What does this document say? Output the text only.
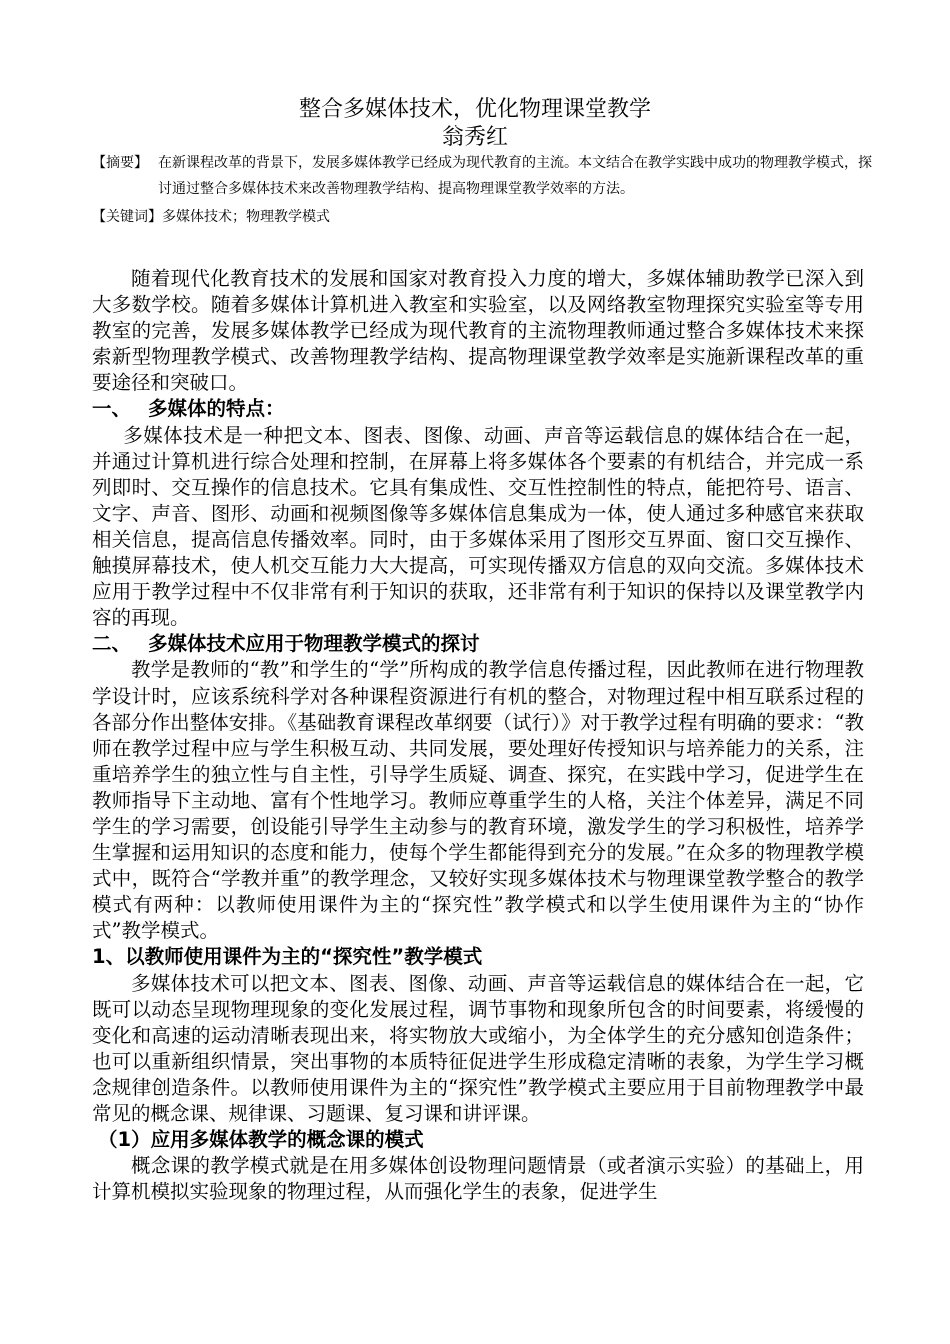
整合多媒体技术，优化物理课堂教学
翁秀红
【摘要】 在新课程改革的背景下，发展多媒体教学已经成为现代教育的主流。本文结合在教学实践中成功的物理教学模式，探讨通过整合多媒体技术来改善物理教学结构、提高物理课堂教学效率的方法。
【关键词】 多媒体技术；物理教学模式

随着现代化教育技术的发展和国家对教育投入力度的增大，多媒体辅助教学已深入到大多数学校。随着多媒体计算机进入教室和实验室，以及网络教室物理探究实验室等专用教室的完善，发展多媒体教学已经成为现代教育的主流物理教师通过整合多媒体技术来探索新型物理教学模式、改善物理教学结构、提高物理课堂教学效率是实施新课程改革的重要途径和突破口。

一、 多媒体的特点：

多媒体技术是一种把文本、图表、图像、动画、声音等运载信息的媒体结合在一起，并通过计算机进行综合处理和控制，在屏幕上将多媒体各个要素的有机结合，并完成一系列即时、交互操作的信息技术。它具有集成性、交互性控制性的特点，能把符号、语言、文字、声音、图形、动画和视频图像等多媒体信息集成为一体，使人通过多种感官来获取相关信息，提高信息传播效率。同时，由于多媒体采用了图形交互界面、窗口交互操作、触摸屏幕技术，使人机交互能力大大提高，可实现传播双方信息的双向交流。多媒体技术应用于教学过程中不仅非常有利于知识的获取，还非常有利于知识的保持以及课堂教学内容的再现。

二、 多媒体技术应用于物理教学模式的探讨

教学是教师的“教”和学生的“学”所构成的教学信息传播过程，因此教师在进行物理教学设计时，应该系统科学对各种课程资源进行有机的整合，对物理过程中相互联系过程的各部分作出整体安排。《基础教育课程改革纲要（试行）》对于教学过程有明确的要求：“教师在教学过程中应与学生积极互动、共同发展，要处理好传授知识与培养能力的关系，注重培养学生的独立性与自主性，引导学生质疑、调查、探究，在实践中学习，促进学生在教师指导下主动地、富有个性地学习。教师应尊重学生的人格，关注个体差异，满足不同学生的学习需要，创设能引导学生主动参与的教育环境，激发学生的学习积极性，培养学生掌握和运用知识的态度和能力，使每个学生都能得到充分的发展。”在众多的物理教学模式中，既符合“学教并重”的教学理念，又较好实现多媒体技术与物理课堂教学整合的教学模式有两种：以教师使用课件为主的“探究性”教学模式和以学生使用课件为主的“协作式”教学模式。

1、以教师使用课件为主的“探究性”教学模式

多媒体技术可以把文本、图表、图像、动画、声音等运载信息的媒体结合在一起，它既可以动态呈现物理现象的变化发展过程，调节事物和现象所包含的时间要素，将缓慢的变化和高速的运动清晰表现出来，将实物放大或缩小，为全体学生的充分感知创造条件；也可以重新组织情景，突出事物的本质特征促进学生形成稳定清晰的表象，为学生学习概念规律创造条件。以教师使用课件为主的“探究性”教学模式主要应用于目前物理教学中最常见的概念课、规律课、习题课、复习课和讲评课。

（1）应用多媒体教学的概念课的模式

概念课的教学模式就是在用多媒体创设物理问题情景（或者演示实验）的基础上，用计算机模拟实验现象的物理过程，从而强化学生的表象，促进学生
